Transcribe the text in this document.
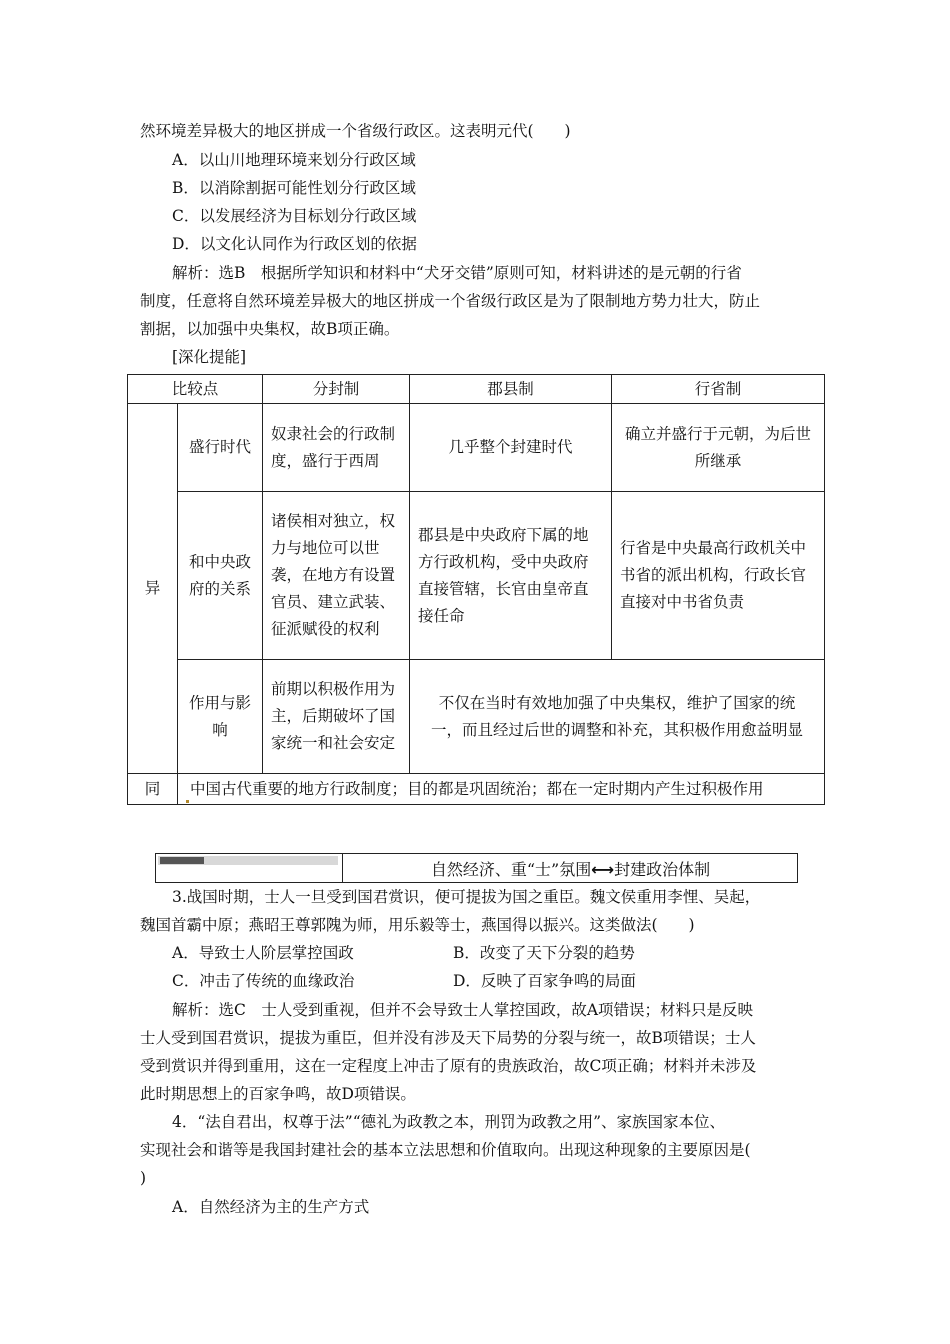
然环境差异极大的地区拼成一个省级行政区。这表明元代(　　)
A．以山川地理环境来划分行政区域
B．以消除割据可能性划分行政区域
C．以发展经济为目标划分行政区域
D．以文化认同作为行政区划的依据
解析：选B　根据所学知识和材料中“犬牙交错”原则可知，材料讲述的是元朝的行省
制度，任意将自然环境差异极大的地区拼成一个省级行政区是为了限制地方势力壮大，防止
割据，以加强中央集权，故B项正确。
[深化提能]
比较点		分封制	郡县制	行省制
异	盛行时代	奴隶社会的行政制度，盛行于西周	几乎整个封建时代	确立并盛行于元朝，为后世所继承
	和中央政府的关系	诸侯相对独立，权力与地位可以世袭，在地方有设置官员、建立武装、征派赋役的权利	郡县是中央政府下属的地方行政机构，受中央政府直接管辖，长官由皇帝直接任命	行省是中央最高行政机关中书省的派出机构，行政长官直接对中书省负责
	作用与影响	前期以积极作用为主，后期破坏了国家统一和社会安定	不仅在当时有效地加强了中央集权，维护了国家的统一，而且经过后世的调整和补充，其积极作用愈益明显	
同	中国古代重要的地方行政制度；目的都是巩固统治；都在一定时期内产生过积极作用			
自然经济、重“士”氛围⟷封建政治体制
3.战国时期，士人一旦受到国君赏识，便可提拔为国之重臣。魏文侯重用李悝、吴起，
魏国首霸中原；燕昭王尊郭隗为师，用乐毅等士，燕国得以振兴。这类做法(　　)
A．导致士人阶层掌控国政	B．改变了天下分裂的趋势
C．冲击了传统的血缘政治	D．反映了百家争鸣的局面
解析：选C　士人受到重视，但并不会导致士人掌控国政，故A项错误；材料只是反映
士人受到国君赏识，提拔为重臣，但并没有涉及天下局势的分裂与统一，故B项错误；士人
受到赏识并得到重用，这在一定程度上冲击了原有的贵族政治，故C项正确；材料并未涉及
此时期思想上的百家争鸣，故D项错误。
4．“法自君出，权尊于法”“德礼为政教之本，刑罚为政教之用”、家族国家本位、
实现社会和谐等是我国封建社会的基本立法思想和价值取向。出现这种现象的主要原因是(
)
A．自然经济为主的生产方式
